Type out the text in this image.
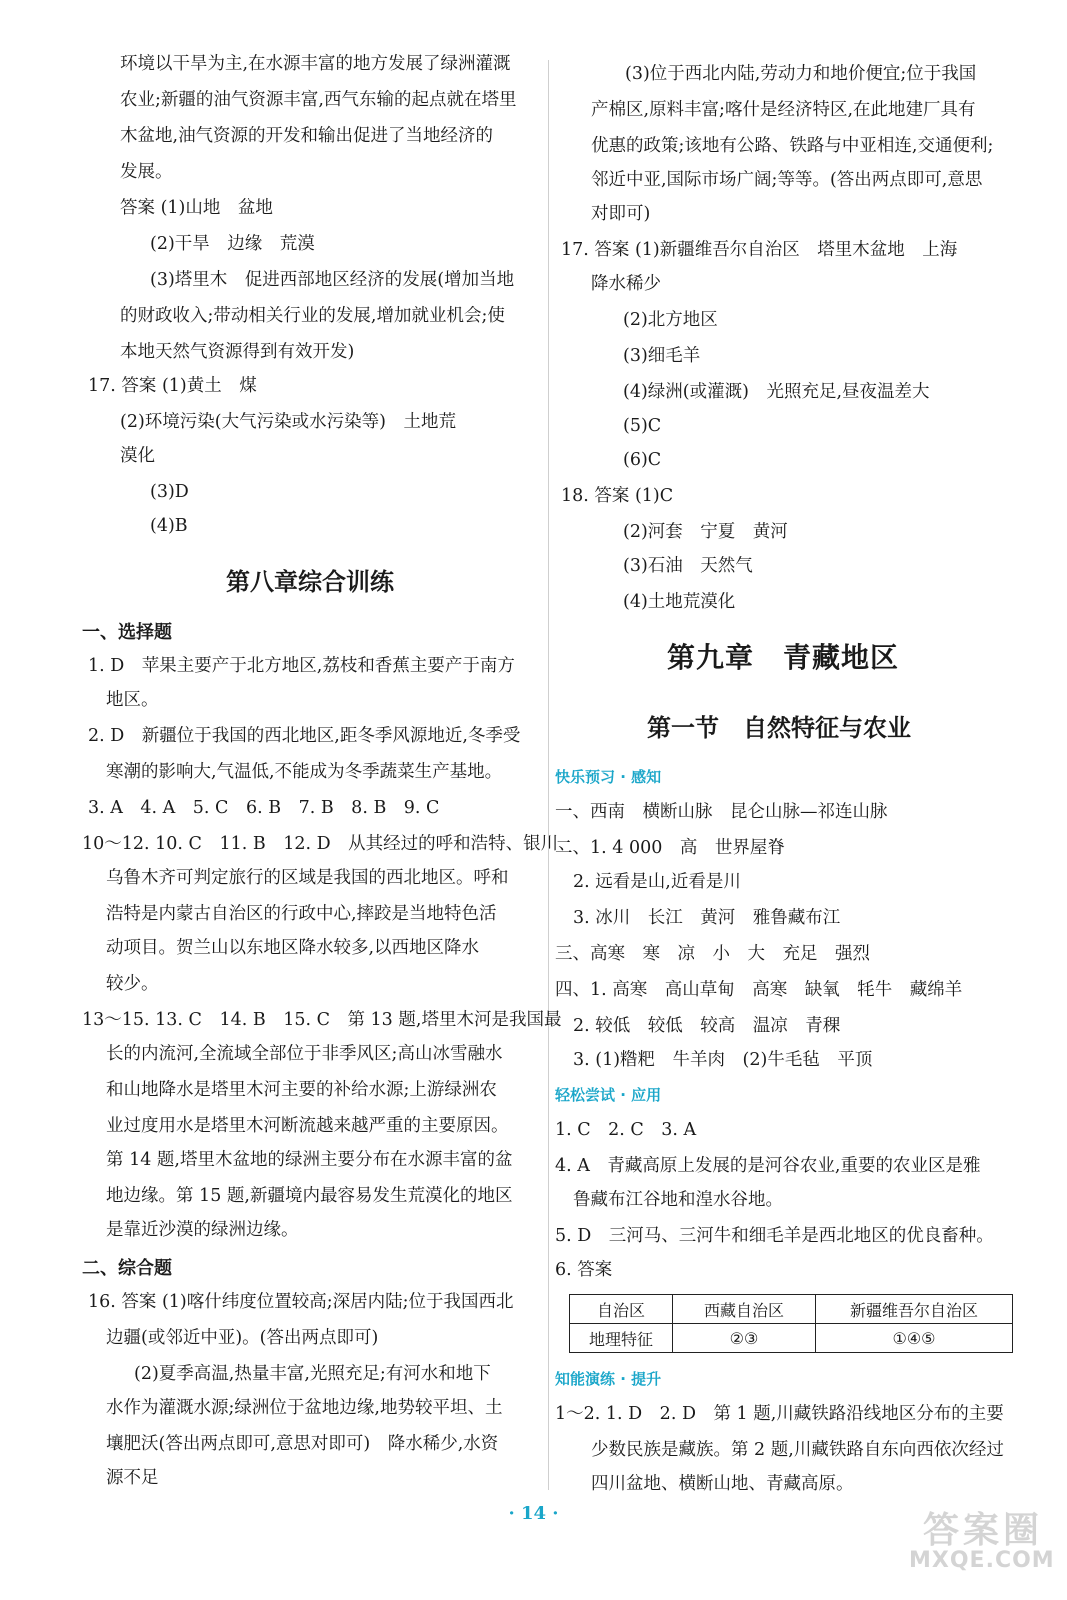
环境以干旱为主,在水源丰富的地方发展了绿洲灌溉
农业;新疆的油气资源丰富,西气东输的起点就在塔里
木盆地,油气资源的开发和输出促进了当地经济的
发展。
答案 (1)山地　盆地
(2)干旱　边缘　荒漠
(3)塔里木　促进西部地区经济的发展(增加当地
的财政收入;带动相关行业的发展,增加就业机会;使
本地天然气资源得到有效开发)
17. 答案 (1)黄土　煤
(2)环境污染(大气污染或水污染等)　土地荒
漠化
(3)D
(4)B
第八章综合训练
一、选择题
1. D　苹果主要产于北方地区,荔枝和香蕉主要产于南方
地区。
2. D　新疆位于我国的西北地区,距冬季风源地近,冬季受
寒潮的影响大,气温低,不能成为冬季蔬菜生产基地。
3. A　4. A　5. C　6. B　7. B　8. B　9. C
10～12. 10. C　11. B　12. D　从其经过的呼和浩特、银川、
乌鲁木齐可判定旅行的区域是我国的西北地区。呼和
浩特是内蒙古自治区的行政中心,摔跤是当地特色活
动项目。贺兰山以东地区降水较多,以西地区降水
较少。
13～15. 13. C　14. B　15. C　第 13 题,塔里木河是我国最
长的内流河,全流域全部位于非季风区;高山冰雪融水
和山地降水是塔里木河主要的补给水源;上游绿洲农
业过度用水是塔里木河断流越来越严重的主要原因。
第 14 题,塔里木盆地的绿洲主要分布在水源丰富的盆
地边缘。第 15 题,新疆境内最容易发生荒漠化的地区
是靠近沙漠的绿洲边缘。
二、综合题
16. 答案 (1)喀什纬度位置较高;深居内陆;位于我国西北
边疆(或邻近中亚)。(答出两点即可)
(2)夏季高温,热量丰富,光照充足;有河水和地下
水作为灌溉水源;绿洲位于盆地边缘,地势较平坦、土
壤肥沃(答出两点即可,意思对即可)　降水稀少,水资
源不足
(3)位于西北内陆,劳动力和地价便宜;位于我国
产棉区,原料丰富;喀什是经济特区,在此地建厂具有
优惠的政策;该地有公路、铁路与中亚相连,交通便利;
邻近中亚,国际市场广阔;等等。(答出两点即可,意思
对即可)
17. 答案 (1)新疆维吾尔自治区　塔里木盆地　上海
降水稀少
(2)北方地区
(3)细毛羊
(4)绿洲(或灌溉)　光照充足,昼夜温差大
(5)C
(6)C
18. 答案 (1)C
(2)河套　宁夏　黄河
(3)石油　天然气
(4)土地荒漠化
第九章　青藏地区
第一节　自然特征与农业
快乐预习 · 感知
一、西南　横断山脉　昆仑山脉—祁连山脉
二、1. 4 000　高　世界屋脊
2. 远看是山,近看是川
3. 冰川　长江　黄河　雅鲁藏布江
三、高寒　寒　凉　小　大　充足　强烈
四、1. 高寒　高山草甸　高寒　缺氧　牦牛　藏绵羊
2. 较低　较低　较高　温凉　青稞
3. (1)糌粑　牛羊肉　(2)牛毛毡　平顶
轻松尝试 · 应用
1. C　2. C　3. A
4. A　青藏高原上发展的是河谷农业,重要的农业区是雅
鲁藏布江谷地和湟水谷地。
5. D　三河马、三河牛和细毛羊是西北地区的优良畜种。
6. 答案
自治区	西藏自治区	新疆维吾尔自治区
地理特征	②③	①④⑤
知能演练 · 提升
1～2. 1. D　2. D　第 1 题,川藏铁路沿线地区分布的主要
少数民族是藏族。第 2 题,川藏铁路自东向西依次经过
四川盆地、横断山地、青藏高原。
· 14 ·	答案圈
MXQE.COM
